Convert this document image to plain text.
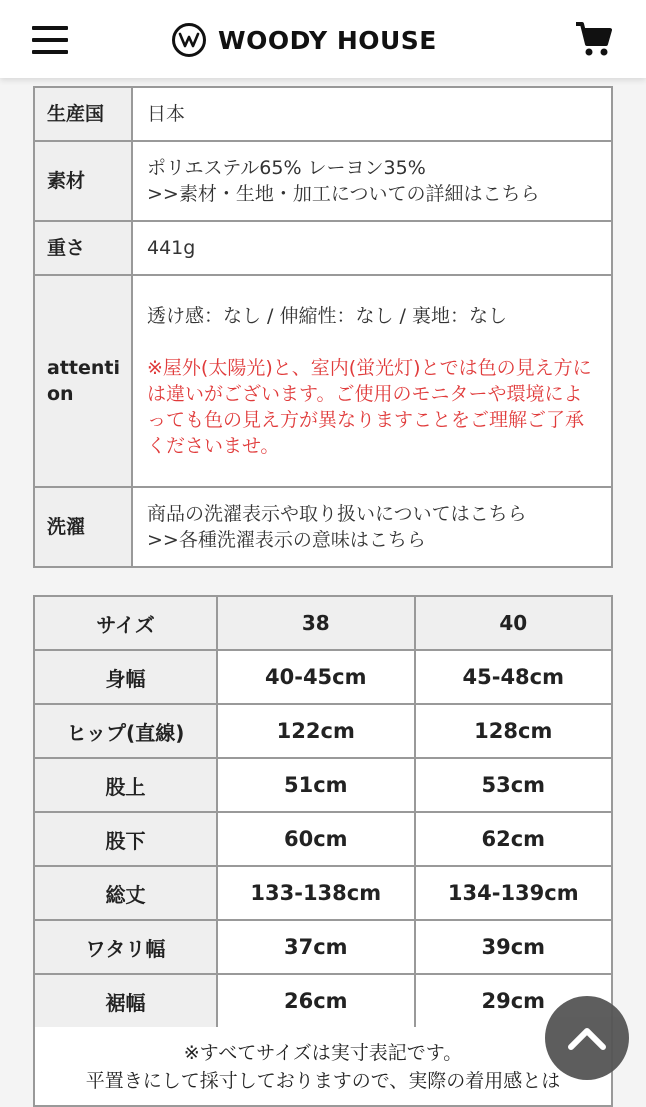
WOODY HOUSE
生産国	日本
素材	ポリエステル65% レーヨン35%
>>素材・生地・加工についての詳細はこちら

重さ	441g
attention	透け感：なし / 伸縮性：なし / 裏地：なし
※屋外(太陽光)と、室内(蛍光灯)とでは色の見え方には違いがございます。ご使用のモニターや環境によっても色の見え方が異なりますことをご理解ご了承くださいませ。

洗濯	商品の洗濯表示や取り扱いについてはこちら
>>各種洗濯表示の意味はこちら
サイズ	38	40
身幅	40-45cm	45-48cm
ヒップ(直線)	122cm	128cm
股上	51cm	53cm
股下	60cm	62cm
総丈	133-138cm	134-139cm
ワタリ幅	37cm	39cm
裾幅	26cm	29cm
※すべてサイズは実寸表記です。
平置きにして採寸しておりますので、実際の着用感とは
